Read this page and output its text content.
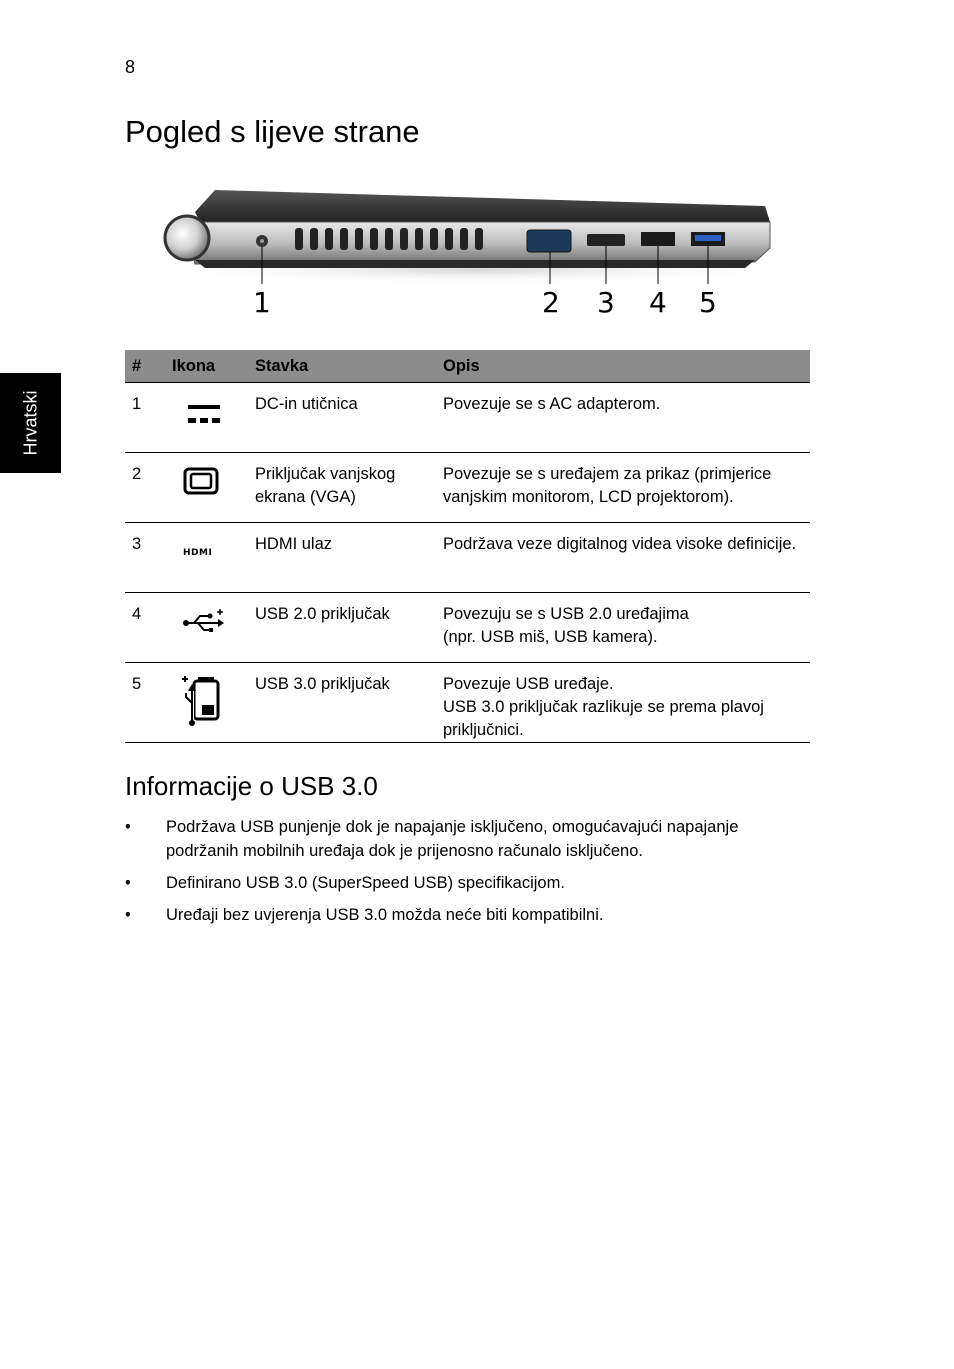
8
Pogled s lijeve strane
Hrvatski
1	2 3 4 5
#	Ikona	Stavka	Opis
1		DC-in utičnica	Povezuje se s AC adapterom.

2		Priključak vanjskog ekrana (VGA)	Povezuje se s uređajem za prikaz (primjerice vanjskim monitorom, LCD projektorom).

3	HDMI	HDMI ulaz	Podržava veze digitalnog videa visoke definicije.

4		USB 2.0 priključak	Povezuju se s USB 2.0 uređajima
(npr. USB miš, USB kamera).

5		USB 3.0 priključak	Povezuje USB uređaje.
USB 3.0 priključak razlikuje se prema plavoj priključnici.
Informacije o USB 3.0
• Podržava USB punjenje dok je napajanje isključeno, omogućavajući napajanje podržanih mobilnih uređaja dok je prijenosno računalo isključeno.
• Definirano USB 3.0 (SuperSpeed USB) specifikacijom.
• Uređaji bez uvjerenja USB 3.0 možda neće biti kompatibilni.
